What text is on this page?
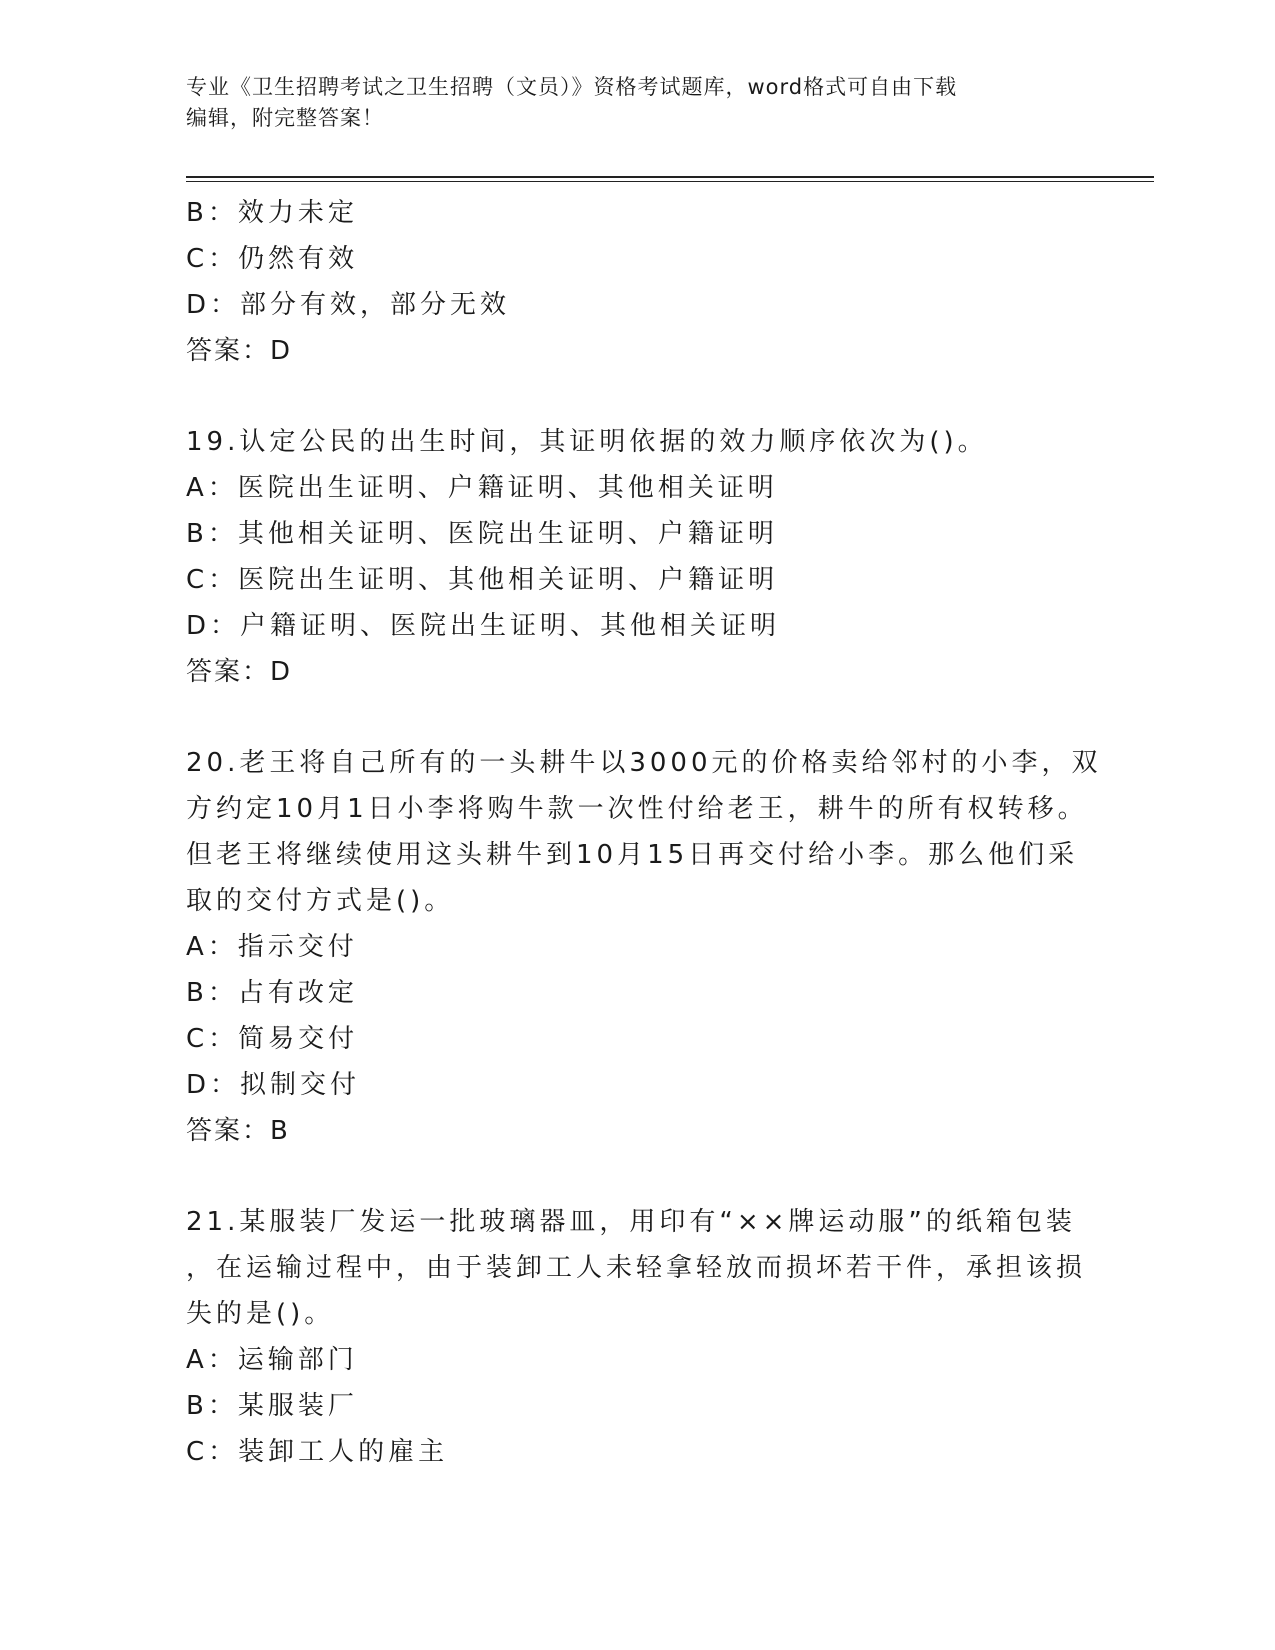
专业《卫生招聘考试之卫生招聘（文员）》资格考试题库，word格式可自由下载
编辑，附完整答案！
B：效力未定
C：仍然有效
D：部分有效，部分无效
答案：D
19.认定公民的出生时间，其证明依据的效力顺序依次为()。
A：医院出生证明、户籍证明、其他相关证明
B：其他相关证明、医院出生证明、户籍证明
C：医院出生证明、其他相关证明、户籍证明
D：户籍证明、医院出生证明、其他相关证明
答案：D
20.老王将自己所有的一头耕牛以3000元的价格卖给邻村的小李，双
方约定10月1日小李将购牛款一次性付给老王，耕牛的所有权转移。
但老王将继续使用这头耕牛到10月15日再交付给小李。那么他们采
取的交付方式是()。
A：指示交付
B：占有改定
C：简易交付
D：拟制交付
答案：B
21.某服装厂发运一批玻璃器皿，用印有“××牌运动服”的纸箱包装
，在运输过程中，由于装卸工人未轻拿轻放而损坏若干件，承担该损
失的是()。
A：运输部门
B：某服装厂
C：装卸工人的雇主
